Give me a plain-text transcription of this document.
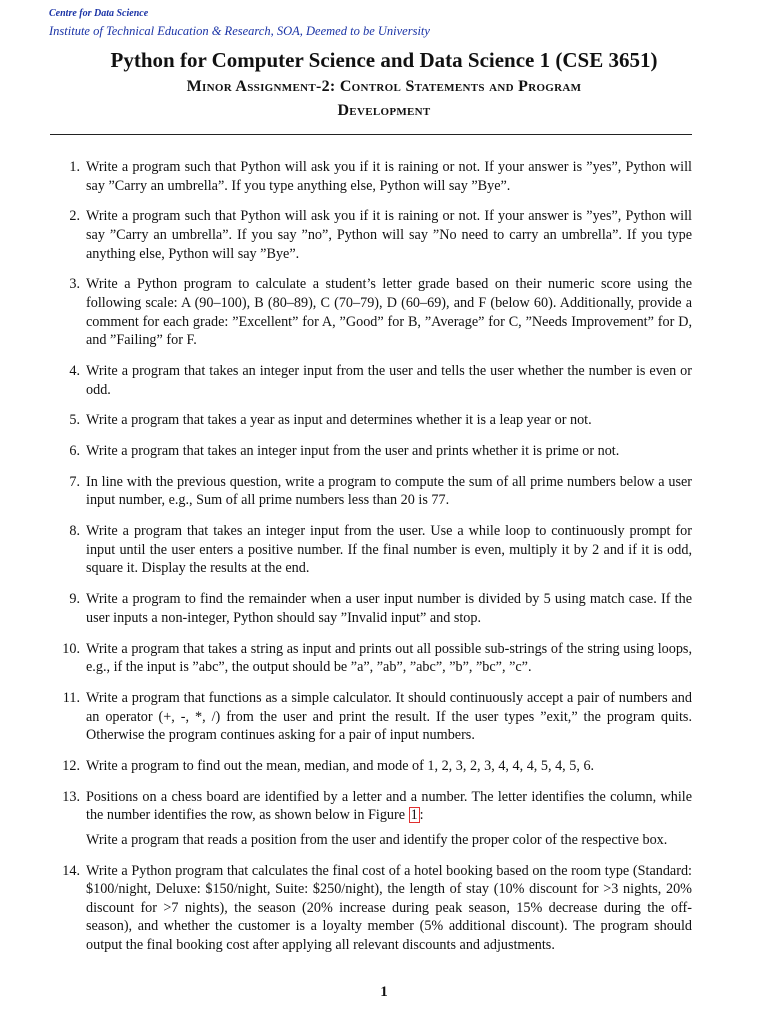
Centre for Data Science
Institute of Technical Education & Research, SOA, Deemed to be University
Python for Computer Science and Data Science 1 (CSE 3651)
Minor Assignment-2: Control Statements and Program
Development
1. Write a program such that Python will ask you if it is raining or not. If your answer is ”yes”, Python will say ”Carry an umbrella”. If you type anything else, Python will say ”Bye”.
2. Write a program such that Python will ask you if it is raining or not. If your answer is ”yes”, Python will say ”Carry an umbrella”. If you say ”no”, Python will say ”No need to carry an umbrella”. If you type anything else, Python will say ”Bye”.
3. Write a Python program to calculate a student’s letter grade based on their numeric score using the following scale: A (90–100), B (80–89), C (70–79), D (60–69), and F (below 60). Additionally, provide a comment for each grade: ”Excellent” for A, ”Good” for B, ”Average” for C, ”Needs Improvement” for D, and ”Failing” for F.
4. Write a program that takes an integer input from the user and tells the user whether the number is even or odd.
5. Write a program that takes a year as input and determines whether it is a leap year or not.
6. Write a program that takes an integer input from the user and prints whether it is prime or not.
7. In line with the previous question, write a program to compute the sum of all prime numbers below a user input number, e.g., Sum of all prime numbers less than 20 is 77.
8. Write a program that takes an integer input from the user. Use a while loop to continuously prompt for input until the user enters a positive number. If the final number is even, multiply it by 2 and if it is odd, square it. Display the results at the end.
9. Write a program to find the remainder when a user input number is divided by 5 using match case. If the user inputs a non-integer, Python should say ”Invalid input” and stop.
10. Write a program that takes a string as input and prints out all possible sub-strings of the string using loops, e.g., if the input is ”abc”, the output should be ”a”, ”ab”, ”abc”, ”b”, ”bc”, ”c”.
11. Write a program that functions as a simple calculator. It should continuously accept a pair of numbers and an operator (+, -, *, /) from the user and print the result. If the user types ”exit,” the program quits. Otherwise the program continues asking for a pair of input numbers.
12. Write a program to find out the mean, median, and mode of 1, 2, 3, 2, 3, 4, 4, 4, 5, 4, 5, 6.
13. Positions on a chess board are identified by a letter and a number. The letter identifies the column, while the number identifies the row, as shown below in Figure 1 :
Write a program that reads a position from the user and identify the proper color of the respective box.
14. Write a Python program that calculates the final cost of a hotel booking based on the room type (Standard: $100/night, Deluxe: $150/night, Suite: $250/night), the length of stay (10% discount for >3 nights, 20% discount for >7 nights), the season (20% increase during peak season, 15% decrease during the off-season), and whether the customer is a loyalty member (5% additional discount). The program should output the final booking cost after applying all relevant discounts and adjustments.
1
